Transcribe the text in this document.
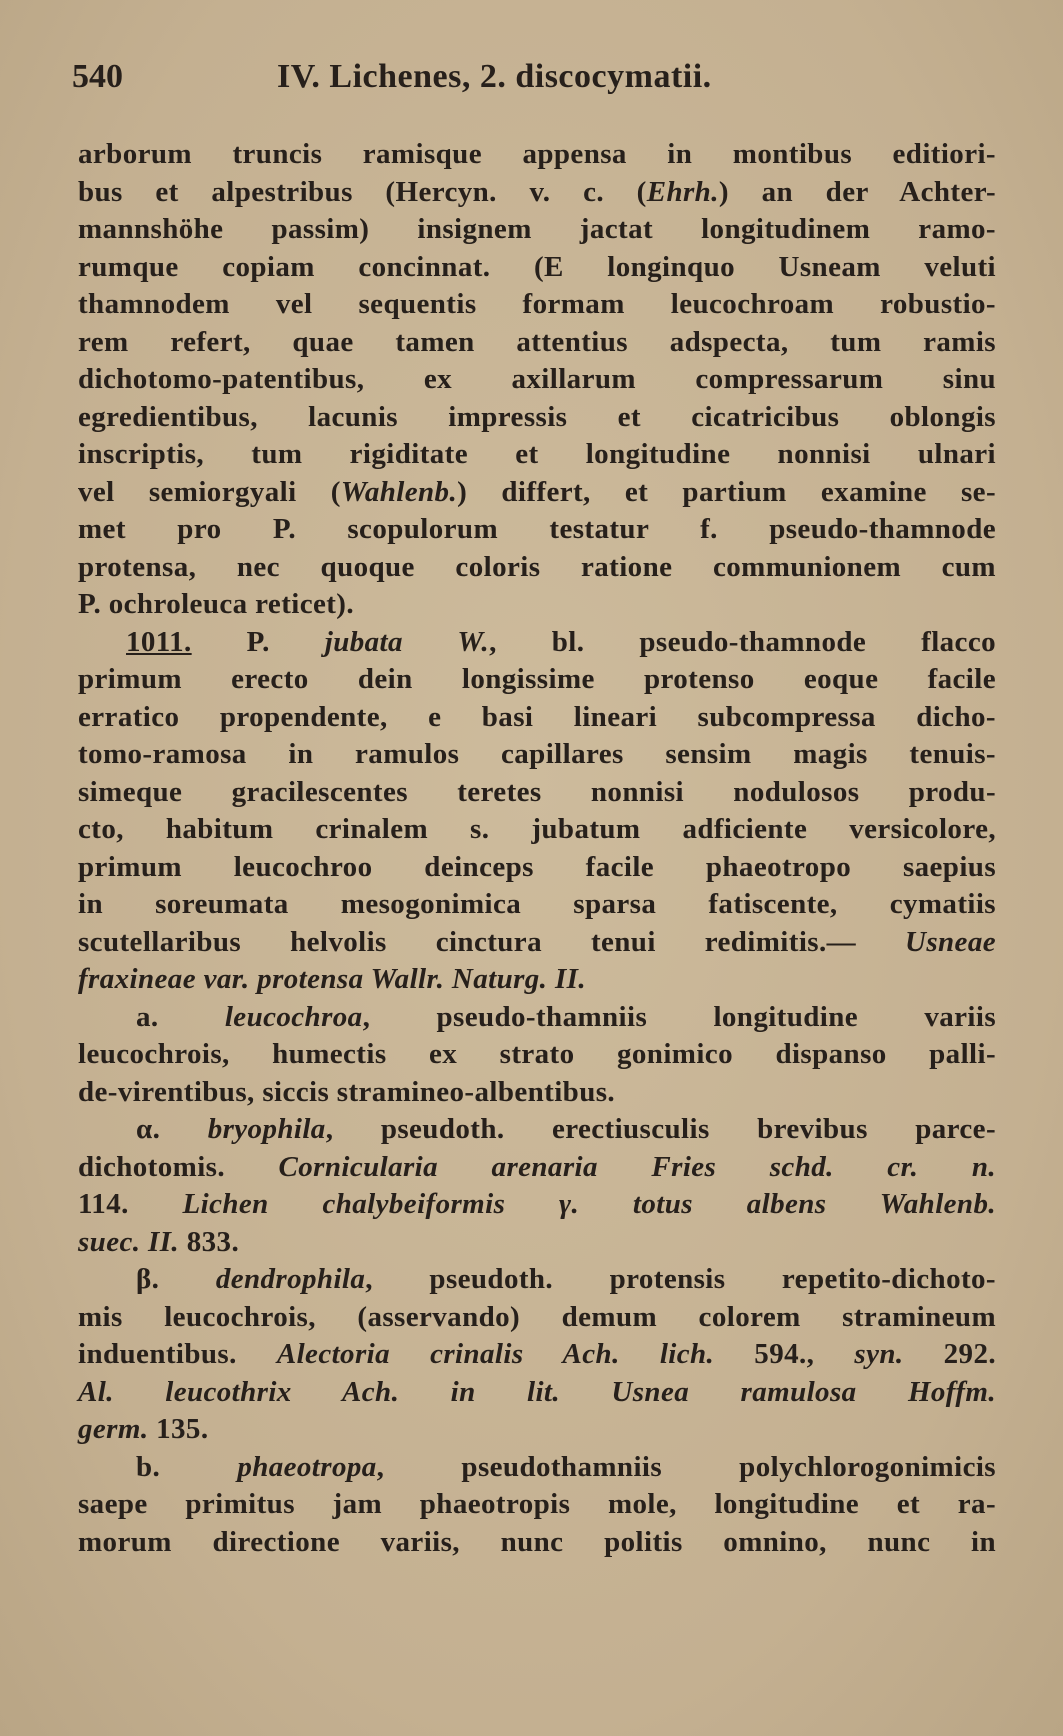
540	IV. Lichenes, 2. discocymatii.
arborum truncis ramisque appensa in montibus editiori-
bus et alpestribus (Hercyn. v. c. (Ehrh.) an der Achter-
mannshöhe passim) insignem jactat longitudinem ramo-
rumque copiam concinnat. (E longinquo Usneam veluti
thamnodem vel sequentis formam leucochroam robustio-
rem refert, quae tamen attentius adspecta, tum ramis
dichotomo-patentibus, ex axillarum compressarum sinu
egredientibus, lacunis impressis et cicatricibus oblongis
inscriptis, tum rigiditate et longitudine nonnisi ulnari
vel semiorgyali (Wahlenb.) differt, et partium examine se-
met pro P. scopulorum testatur f. pseudo-thamnode
protensa, nec quoque coloris ratione communionem cum
P. ochroleuca reticet).
1011. P. jubata W., bl. pseudo-thamnode flacco
primum erecto dein longissime protenso eoque facile
erratico propendente, e basi lineari subcompressa dicho-
tomo-ramosa in ramulos capillares sensim magis tenuis-
simeque gracilescentes teretes nonnisi nodulosos produ-
cto, habitum crinalem s. jubatum adficiente versicolore,
primum leucochroo deinceps facile phaeotropo saepius
in soreumata mesogonimica sparsa fatiscente, cymatiis
scutellaribus helvolis cinctura tenui redimitis.— Usneae
fraxineae var. protensa Wallr. Naturg. II.
a. leucochroa, pseudo-thamniis longitudine variis
leucochrois, humectis ex strato gonimico dispanso palli-
de-virentibus, siccis stramineo-albentibus.
α. bryophila, pseudoth. erectiusculis brevibus parce-
dichotomis. Cornicularia arenaria Fries schd. cr. n.
114. Lichen chalybeiformis γ. totus albens Wahlenb.
suec. II. 833.
β. dendrophila, pseudoth. protensis repetito-dichoto-
mis leucochrois, (asservando) demum colorem stramineum
induentibus. Alectoria crinalis Ach. lich. 594., syn. 292.
Al. leucothrix Ach. in lit. Usnea ramulosa Hoffm.
germ. 135.
b. phaeotropa, pseudothamniis polychlorogonimicis
saepe primitus jam phaeotropis mole, longitudine et ra-
morum directione variis, nunc politis omnino, nunc in
